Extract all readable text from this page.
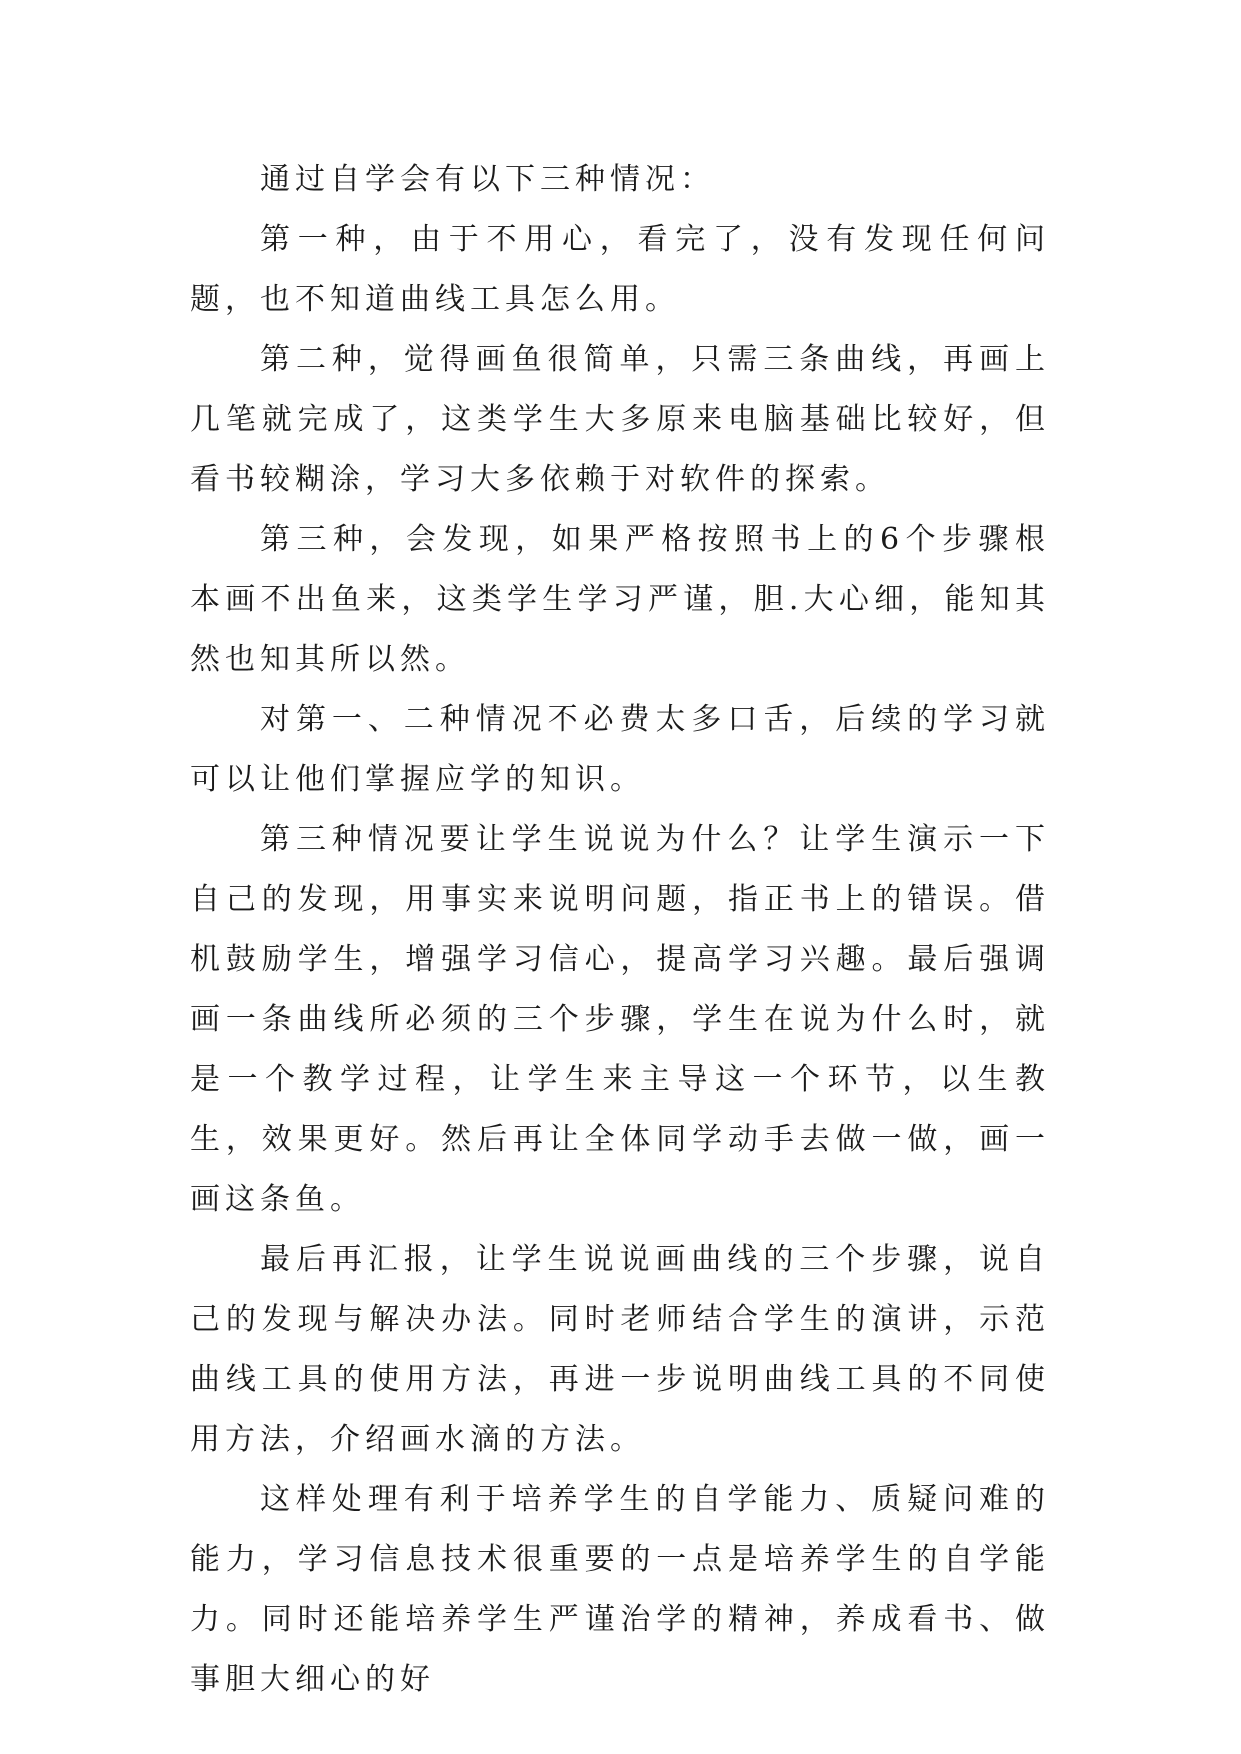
通过自学会有以下三种情况：

第一种，由于不用心，看完了，没有发现任何问题，也不知道曲线工具怎么用。

第二种，觉得画鱼很简单，只需三条曲线，再画上几笔就完成了，这类学生大多原来电脑基础比较好，但看书较糊涂，学习大多依赖于对软件的探索。

第三种，会发现，如果严格按照书上的6个步骤根本画不出鱼来，这类学生学习严谨，胆.大心细，能知其然也知其所以然。

对第一、二种情况不必费太多口舌，后续的学习就可以让他们掌握应学的知识。

第三种情况要让学生说说为什么？让学生演示一下自己的发现，用事实来说明问题，指正书上的错误。借机鼓励学生，增强学习信心，提高学习兴趣。最后强调画一条曲线所必须的三个步骤，学生在说为什么时，就是一个教学过程，让学生来主导这一个环节，以生教生，效果更好。然后再让全体同学动手去做一做，画一画这条鱼。

最后再汇报，让学生说说画曲线的三个步骤，说自己的发现与解决办法。同时老师结合学生的演讲，示范曲线工具的使用方法，再进一步说明曲线工具的不同使用方法，介绍画水滴的方法。

这样处理有利于培养学生的自学能力、质疑问难的能力，学习信息技术很重要的一点是培养学生的自学能力。同时还能培养学生严谨治学的精神，养成看书、做事胆大细心的好
